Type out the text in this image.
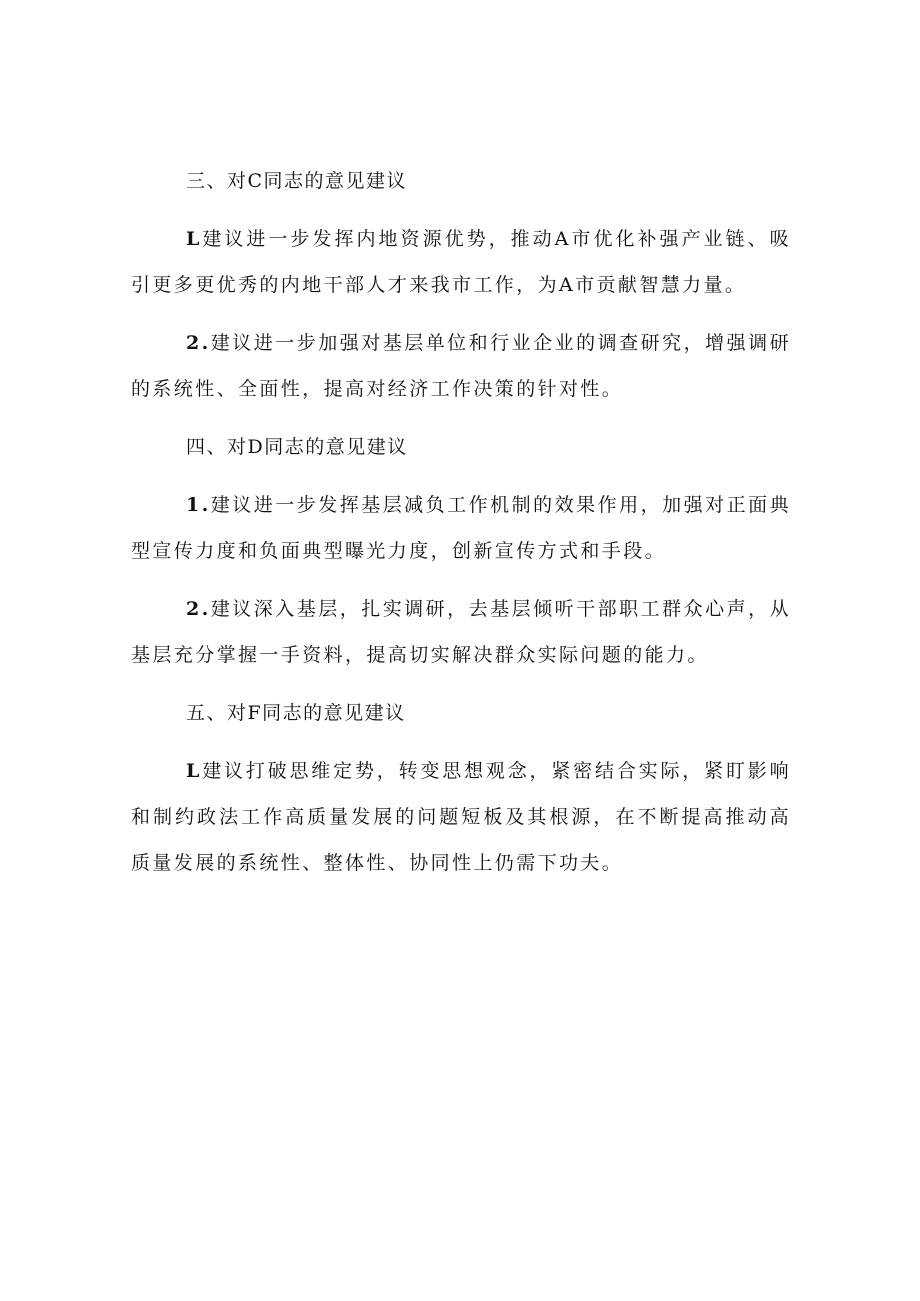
三、对C同志的意见建议

L建议进一步发挥内地资源优势，推动A市优化补强产业链、吸引更多更优秀的内地干部人才来我市工作，为A市贡献智慧力量。

2.建议进一步加强对基层单位和行业企业的调查研究，增强调研的系统性、全面性，提高对经济工作决策的针对性。

四、对D同志的意见建议

1.建议进一步发挥基层减负工作机制的效果作用，加强对正面典型宣传力度和负面典型曝光力度，创新宣传方式和手段。

2.建议深入基层，扎实调研，去基层倾听干部职工群众心声，从基层充分掌握一手资料，提高切实解决群众实际问题的能力。

五、对F同志的意见建议

L建议打破思维定势，转变思想观念，紧密结合实际，紧盯影响和制约政法工作高质量发展的问题短板及其根源，在不断提高推动高质量发展的系统性、整体性、协同性上仍需下功夫。
